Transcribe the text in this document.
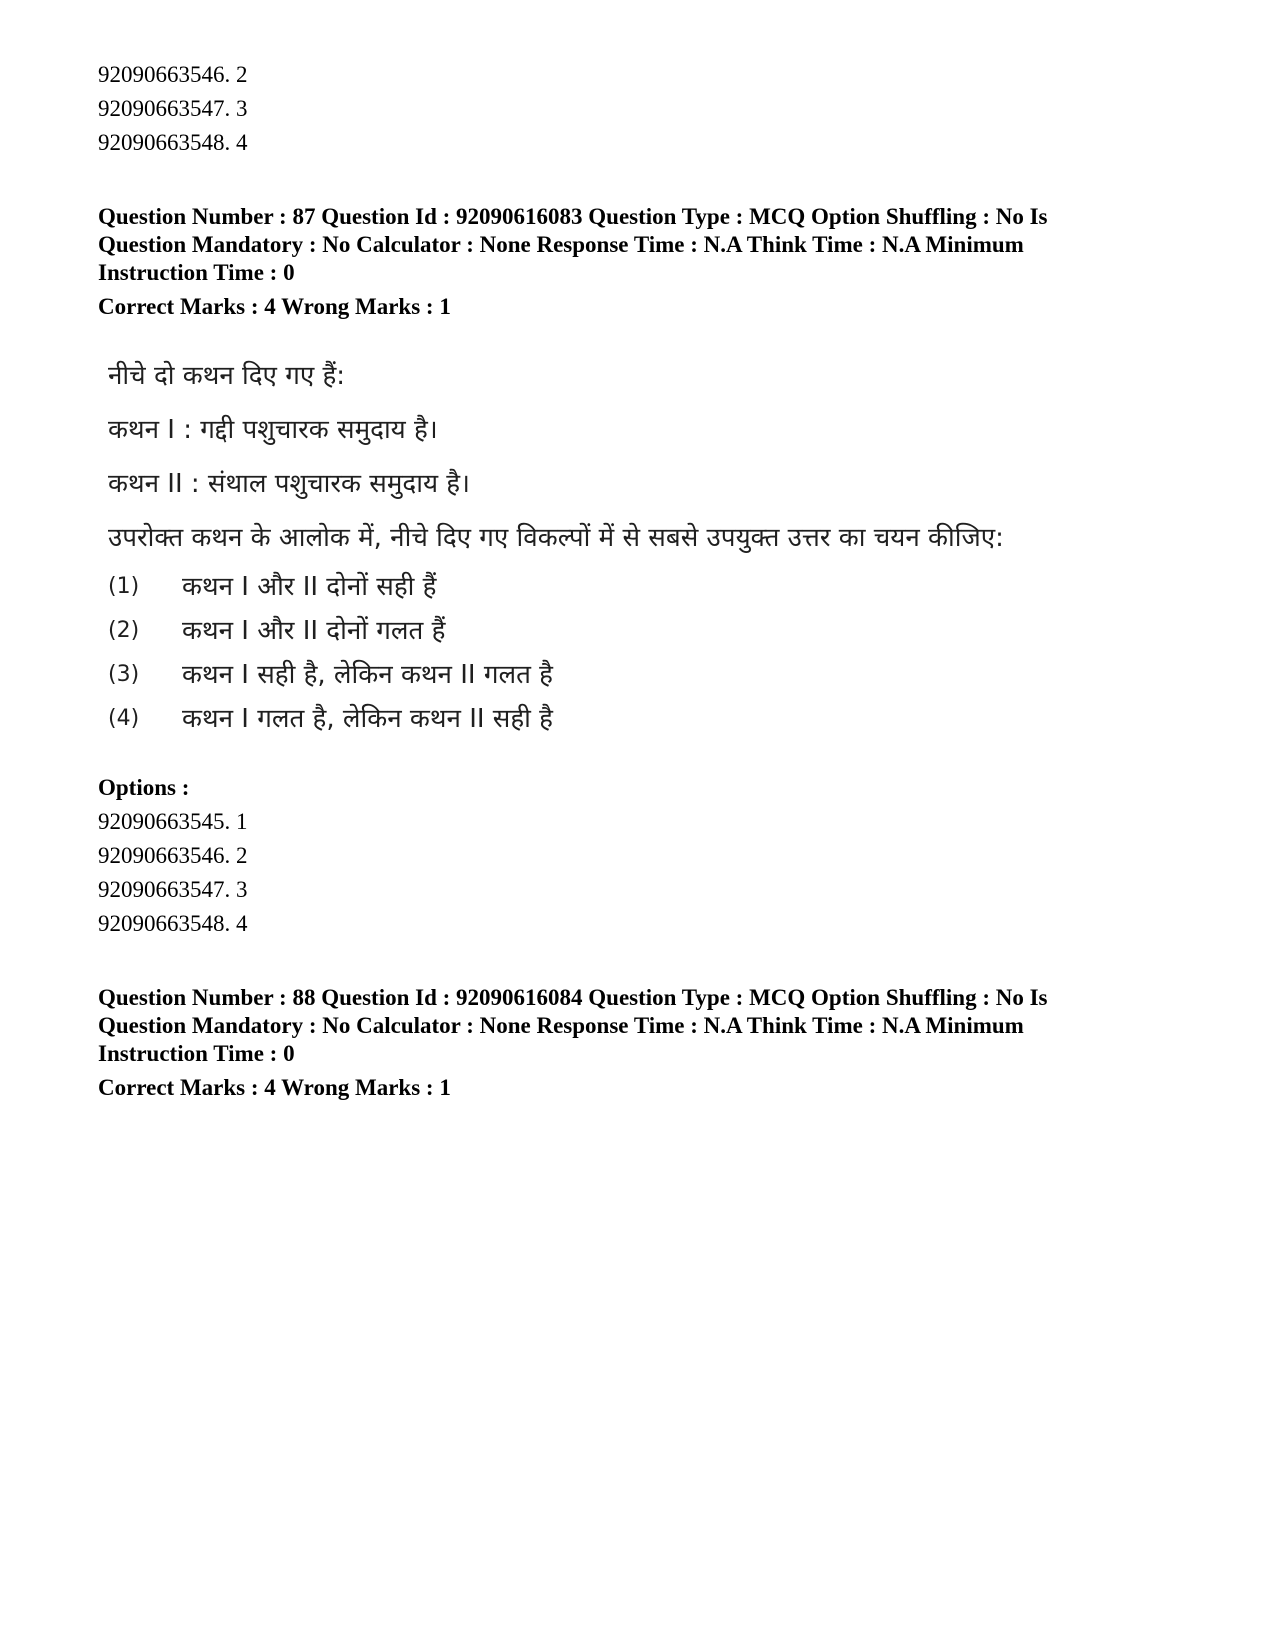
92090663546. 2
92090663547. 3
92090663548. 4
Question Number : 87 Question Id : 92090616083 Question Type : MCQ Option Shuffling : No Is
Question Mandatory : No Calculator : None Response Time : N.A Think Time : N.A Minimum
Instruction Time : 0
Correct Marks : 4 Wrong Marks : 1
नीचे दो कथन दिए गए हैं:
कथन I : गद्दी पशुचारक समुदाय है।
कथन II : संथाल पशुचारक समुदाय है।
उपरोक्त कथन के आलोक में, नीचे दिए गए विकल्पों में से सबसे उपयुक्त उत्तर का चयन कीजिए:
(1)	कथन I और II दोनों सही हैं
(2)	कथन I और II दोनों गलत हैं
(3)	कथन I सही है, लेकिन कथन II गलत है
(4)	कथन I गलत है, लेकिन कथन II सही है
Options :
92090663545. 1
92090663546. 2
92090663547. 3
92090663548. 4
Question Number : 88 Question Id : 92090616084 Question Type : MCQ Option Shuffling : No Is
Question Mandatory : No Calculator : None Response Time : N.A Think Time : N.A Minimum
Instruction Time : 0
Correct Marks : 4 Wrong Marks : 1
